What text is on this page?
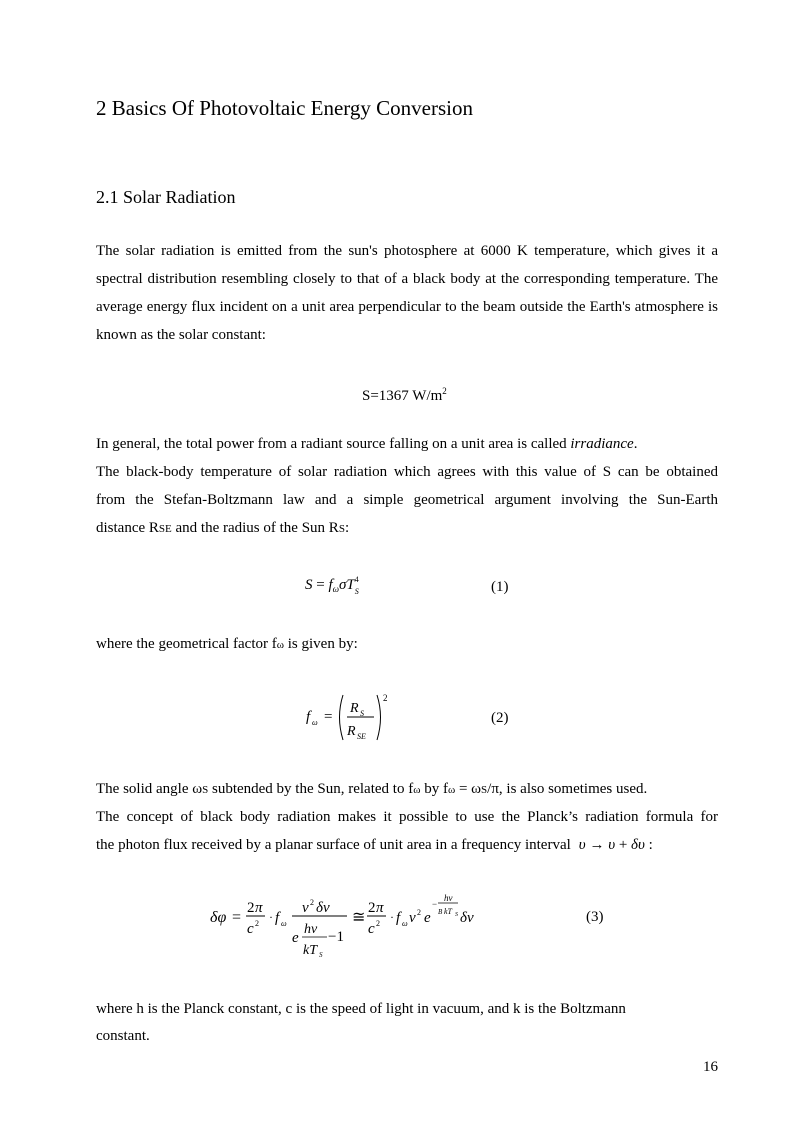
2 Basics Of Photovoltaic Energy Conversion
2.1 Solar Radiation
The solar radiation is emitted from the sun's photosphere at 6000 K temperature, which gives it a spectral distribution resembling closely to that of a black body at the corresponding temperature. The average energy flux incident on a unit area perpendicular to the beam outside the Earth's atmosphere is known as the solar constant:
S=1367 $W/m^2$
In general, the total power from a radiant source falling on a unit area is called irradiance.
The black-body temperature of solar radiation which agrees with this value of S can be obtained
from the Stefan-Boltzmann law and a simple geometrical argument involving the Sun-Earth
distance RSE and the radius of the Sun RS:
$S = f_\omega\sigma T$ 4
S	(1)
where the geometrical factor fω is given by:
f ω =
R S
R SE
2
(2)
The solid angle ωS subtended by the Sun, related to fω by fω = ωS/π, is also sometimes used.
The concept of black body radiation makes it possible to use the Planck’s radiation formula for
the photon flux received by a planar surface of unit area in a frequency interval υ → υ + δυ :
δφ =
2 π
c 2 · f ω
ν 2 δν
e
hν
kT S
−1
≅
2 π
c 2 · f ω ν 2 e
−
hν
B kT S δν	(3)
where h is the Planck constant, c is the speed of light in vacuum, and k is the Boltzmann
constant.
16
